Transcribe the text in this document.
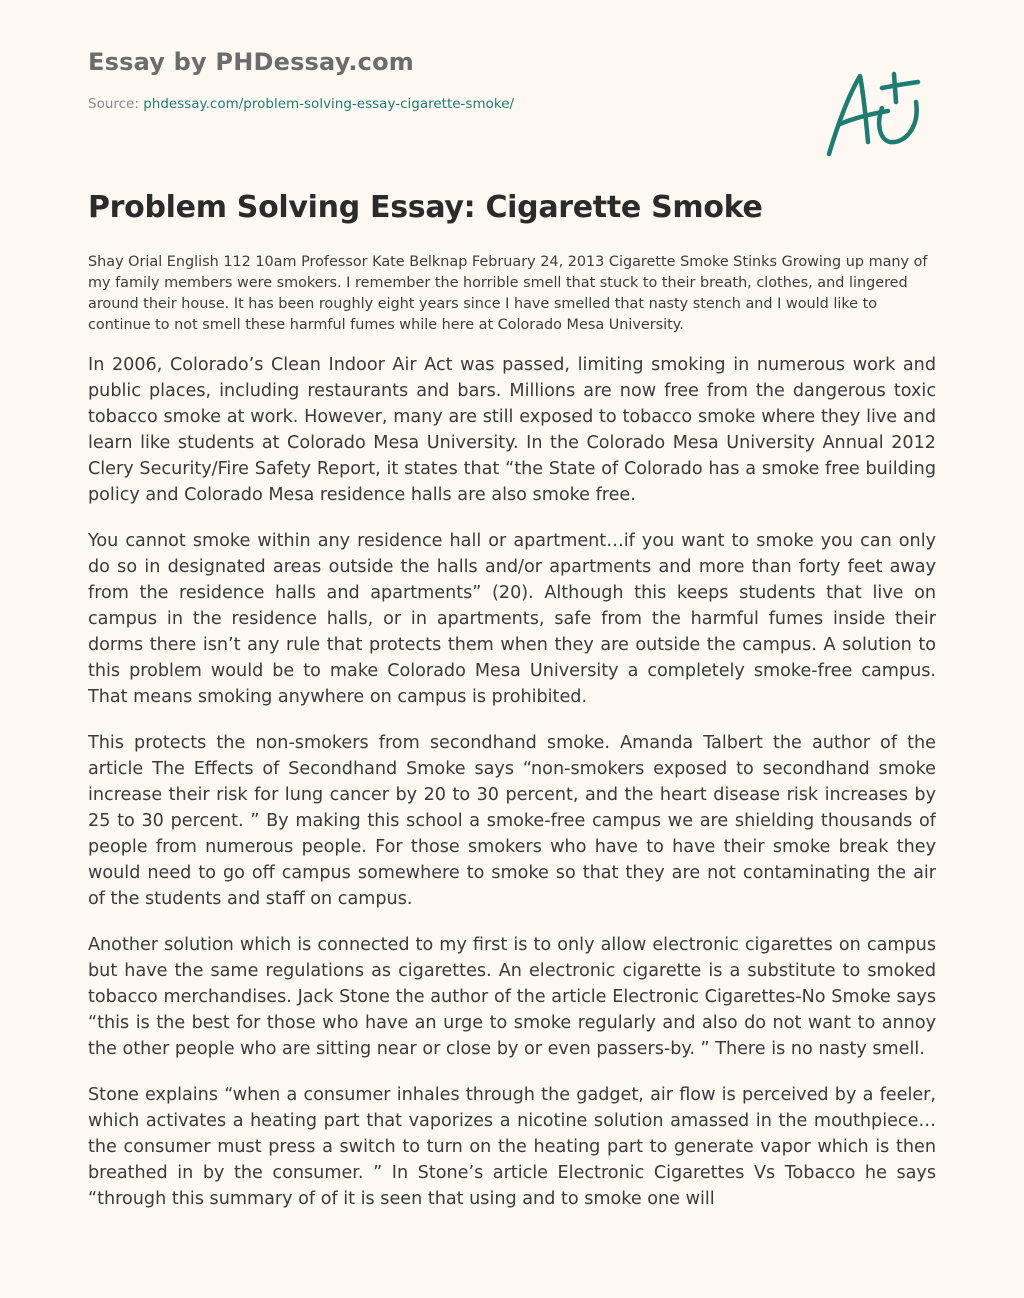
Essay by PHDessay.com
Source: phdessay.com/problem-solving-essay-cigarette-smoke/
Problem Solving Essay: Cigarette Smoke

Shay Orial English 112 10am Professor Kate Belknap February 24, 2013 Cigarette Smoke Stinks Growing up many of my family members were smokers. I remember the horrible smell that stuck to their breath, clothes, and lingered around their house. It has been roughly eight years since I have smelled that nasty stench and I would like to continue to not smell these harmful fumes while here at Colorado Mesa University.

In 2006, Colorado’s Clean Indoor Air Act was passed, limiting smoking in numerous work and public places, including restaurants and bars. Millions are now free from the dangerous toxic tobacco smoke at work. However, many are still exposed to tobacco smoke where they live and learn like students at Colorado Mesa University. In the Colorado Mesa University Annual 2012 Clery Security/Fire Safety Report, it states that “the State of Colorado has a smoke free building policy and Colorado Mesa residence halls are also smoke free.

You cannot smoke within any residence hall or apartment…if you want to smoke you can only do so in designated areas outside the halls and/or apartments and more than forty feet away from the residence halls and apartments” (20). Although this keeps students that live on campus in the residence halls, or in apartments, safe from the harmful fumes inside their dorms there isn’t any rule that protects them when they are outside the campus. A solution to this problem would be to make Colorado Mesa University a completely smoke-free campus. That means smoking anywhere on campus is prohibited.

This protects the non-smokers from secondhand smoke. Amanda Talbert the author of the article The Effects of Secondhand Smoke says “non-smokers exposed to secondhand smoke increase their risk for lung cancer by 20 to 30 percent, and the heart disease risk increases by 25 to 30 percent. ” By making this school a smoke-free campus we are shielding thousands of people from numerous people. For those smokers who have to have their smoke break they would need to go off campus somewhere to smoke so that they are not contaminating the air of the students and staff on campus.

Another solution which is connected to my first is to only allow electronic cigarettes on campus but have the same regulations as cigarettes. An electronic cigarette is a substitute to smoked tobacco merchandises. Jack Stone the author of the article Electronic Cigarettes-No Smoke says “this is the best for those who have an urge to smoke regularly and also do not want to annoy the other people who are sitting near or close by or even passers-by. ” There is no nasty smell.

Stone explains “when a consumer inhales through the gadget, air flow is perceived by a feeler, which activates a heating part that vaporizes a nicotine solution amassed in the mouthpiece… the consumer must press a switch to turn on the heating part to generate vapor which is then breathed in by the consumer. ” In Stone’s article Electronic Cigarettes Vs Tobacco he says “through this summary of of it is seen that using and to smoke one will
